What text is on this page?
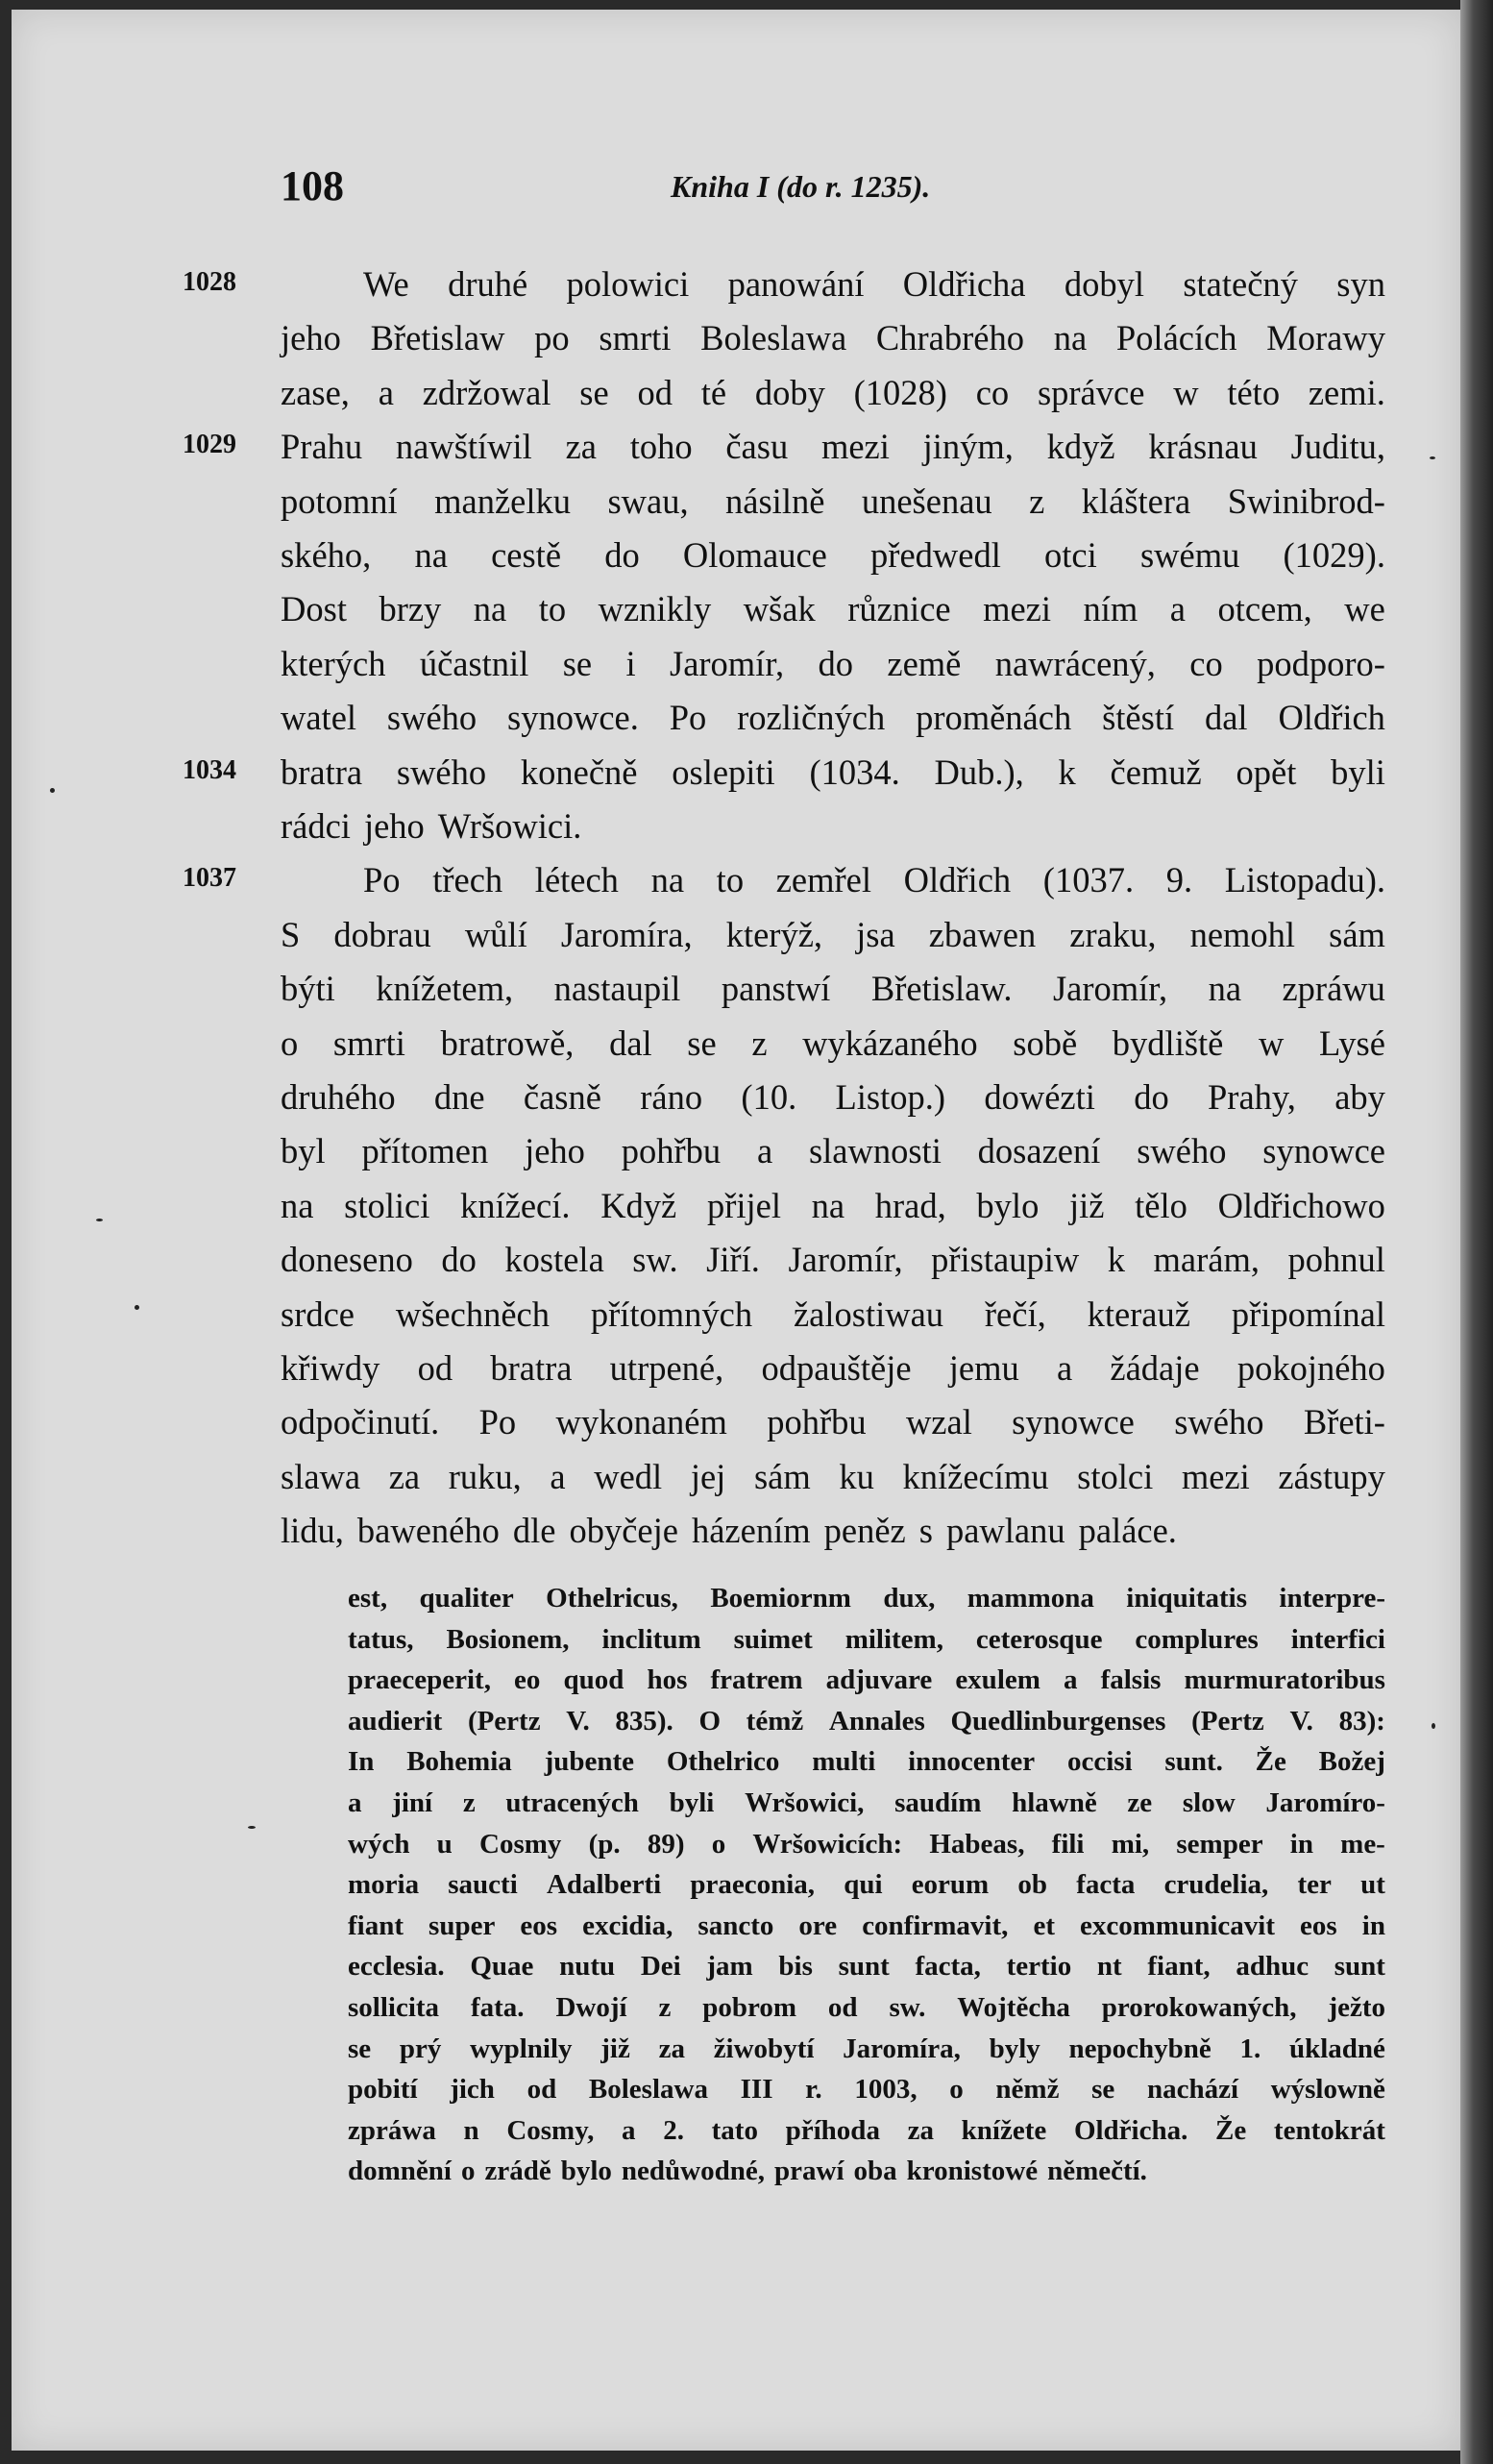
108	Kniha I (do r. 1235).
1028
1029
1034
1037
We druhé polowici panowání Oldřicha dobyl statečný syn
jeho Břetislaw po smrti Boleslawa Chrabrého na Polácích Morawy
zase, a zdržowal se od té doby (1028) co správce w této zemi.
Prahu nawštíwil za toho času mezi jiným, když krásnau Juditu,
potomní manželku swau, násilně unešenau z kláštera Swinibrod-
ského, na cestě do Olomauce předwedl otci swému (1029).
Dost brzy na to wznikly wšak různice mezi ním a otcem, we
kterých účastnil se i Jaromír, do země nawrácený, co podporo-
watel swého synowce. Po rozličných proměnách štěstí dal Oldřich
bratra swého konečně oslepiti (1034. Dub.), k čemuž opět byli
rádci jeho Wršowici.
Po třech létech na to zemřel Oldřich (1037. 9. Listopadu).
S dobrau wůlí Jaromíra, kterýž, jsa zbawen zraku, nemohl sám
býti knížetem, nastaupil panstwí Břetislaw. Jaromír, na zpráwu
o smrti bratrowě, dal se z wykázaného sobě bydliště w Lysé
druhého dne časně ráno (10. Listop.) dowézti do Prahy, aby
byl přítomen jeho pohřbu a slawnosti dosazení swého synowce
na stolici knížecí. Když přijel na hrad, bylo již tělo Oldřichowo
doneseno do kostela sw. Jiří. Jaromír, přistaupiw k marám, pohnul
srdce wšechněch přítomných žalostiwau řečí, kterauž připomínal
křiwdy od bratra utrpené, odpauštěje jemu a žádaje pokojného
odpočinutí. Po wykonaném pohřbu wzal synowce swého Břeti-
slawa za ruku, a wedl jej sám ku knížecímu stolci mezi zástupy
lidu, baweného dle obyčeje házením peněz s pawlanu paláce.
est, qualiter Othelricus, Boemiornm dux, mammona iniquitatis interpre-
tatus, Bosionem, inclitum suimet militem, ceterosque complures interfici
praeceperit, eo quod hos fratrem adjuvare exulem a falsis murmuratoribus
audierit (Pertz V. 835). O témž Annales Quedlinburgenses (Pertz V. 83):
In Bohemia jubente Othelrico multi innocenter occisi sunt. Že Božej
a jiní z utracených byli Wršowici, saudím hlawně ze slow Jaromíro-
wých u Cosmy (p. 89) o Wršowicích: Habeas, fili mi, semper in me-
moria saucti Adalberti praeconia, qui eorum ob facta crudelia, ter ut
fiant super eos excidia, sancto ore confirmavit, et excommunicavit eos in
ecclesia. Quae nutu Dei jam bis sunt facta, tertio nt fiant, adhuc sunt
sollicita fata. Dwojí z pobrom od sw. Wojtěcha prorokowaných, ježto
se prý wyplnily již za žiwobytí Jaromíra, byly nepochybně 1. úkladné
pobití jich od Boleslawa III r. 1003, o němž se nachází wýslowně
zpráwa n Cosmy, a 2. tato příhoda za knížete Oldřicha. Že tentokrát
domnění o zrádě bylo nedůwodné, prawí oba kronistowé němečtí.
